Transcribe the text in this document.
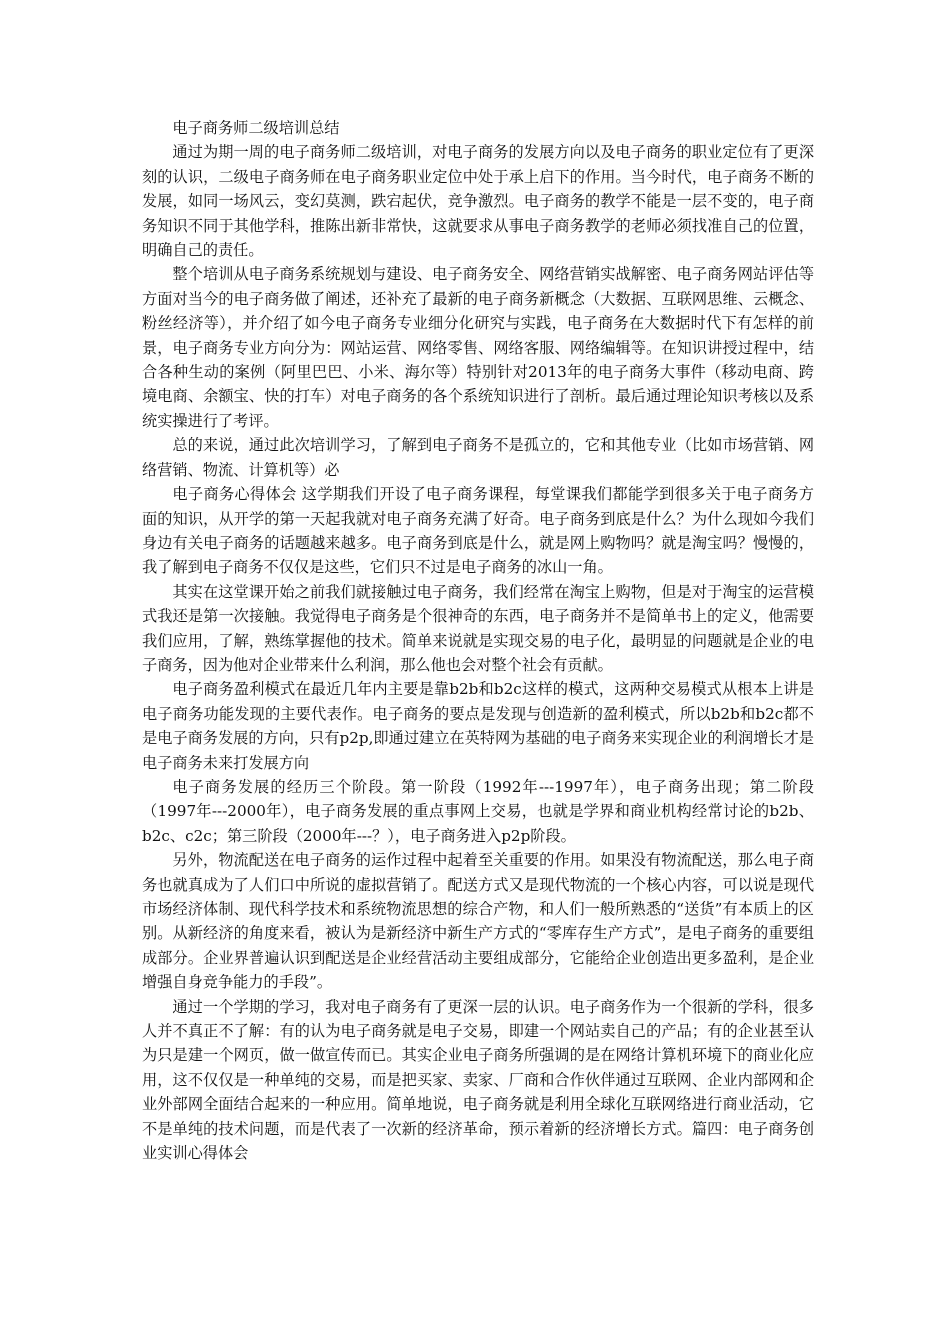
电子商务师二级培训总结

通过为期一周的电子商务师二级培训，对电子商务的发展方向以及电子商务的职业定位有了更深刻的认识，二级电子商务师在电子商务职业定位中处于承上启下的作用。当今时代，电子商务不断的发展，如同一场风云，变幻莫测，跌宕起伏，竞争激烈。电子商务的教学不能是一层不变的，电子商务知识不同于其他学科，推陈出新非常快，这就要求从事电子商务教学的老师必须找准自己的位置，明确自己的责任。

整个培训从电子商务系统规划与建设、电子商务安全、网络营销实战解密、电子商务网站评估等方面对当今的电子商务做了阐述，还补充了最新的电子商务新概念（大数据、互联网思维、云概念、粉丝经济等），并介绍了如今电子商务专业细分化研究与实践，电子商务在大数据时代下有怎样的前景，电子商务专业方向分为：网站运营、网络零售、网络客服、网络编辑等。在知识讲授过程中，结合各种生动的案例（阿里巴巴、小米、海尔等）特别针对2013年的电子商务大事件（移动电商、跨境电商、余额宝、快的打车）对电子商务的各个系统知识进行了剖析。最后通过理论知识考核以及系统实操进行了考评。

总的来说，通过此次培训学习，了解到电子商务不是孤立的，它和其他专业（比如市场营销、网络营销、物流、计算机等）必

电子商务心得体会 这学期我们开设了电子商务课程，每堂课我们都能学到很多关于电子商务方面的知识，从开学的第一天起我就对电子商务充满了好奇。电子商务到底是什么？为什么现如今我们身边有关电子商务的话题越来越多。电子商务到底是什么，就是网上购物吗？就是淘宝吗？慢慢的，我了解到电子商务不仅仅是这些，它们只不过是电子商务的冰山一角。

其实在这堂课开始之前我们就接触过电子商务，我们经常在淘宝上购物，但是对于淘宝的运营模式我还是第一次接触。我觉得电子商务是个很神奇的东西，电子商务并不是简单书上的定义，他需要我们应用，了解，熟练掌握他的技术。简单来说就是实现交易的电子化，最明显的问题就是企业的电子商务，因为他对企业带来什么利润，那么他也会对整个社会有贡献。

电子商务盈利模式在最近几年内主要是靠b2b和b2c这样的模式，这两种交易模式从根本上讲是电子商务功能发现的主要代表作。电子商务的要点是发现与创造新的盈利模式，所以b2b和b2c都不是电子商务发展的方向，只有p2p,即通过建立在英特网为基础的电子商务来实现企业的利润增长才是电子商务未来打发展方向

电子商务发展的经历三个阶段。第一阶段（1992年---1997年），电子商务出现；第二阶段（1997年---2000年），电子商务发展的重点事网上交易，也就是学界和商业机构经常讨论的b2b、b2c、c2c；第三阶段（2000年---？），电子商务进入p2p阶段。

另外，物流配送在电子商务的运作过程中起着至关重要的作用。如果没有物流配送，那么电子商务也就真成为了人们口中所说的虚拟营销了。配送方式又是现代物流的一个核心内容，可以说是现代市场经济体制、现代科学技术和系统物流思想的综合产物，和人们一般所熟悉的“送货”有本质上的区别。从新经济的角度来看，被认为是新经济中新生产方式的“零库存生产方式”，是电子商务的重要组成部分。企业界普遍认识到配送是企业经营活动主要组成部分，它能给企业创造出更多盈利，是企业增强自身竞争能力的手段”。

通过一个学期的学习，我对电子商务有了更深一层的认识。电子商务作为一个很新的学科，很多人并不真正不了解：有的认为电子商务就是电子交易，即建一个网站卖自己的产品；有的企业甚至认为只是建一个网页，做一做宣传而已。其实企业电子商务所强调的是在网络计算机环境下的商业化应用，这不仅仅是一种单纯的交易，而是把买家、卖家、厂商和合作伙伴通过互联网、企业内部网和企业外部网全面结合起来的一种应用。简单地说，电子商务就是利用全球化互联网络进行商业活动，它不是单纯的技术问题，而是代表了一次新的经济革命，预示着新的经济增长方式。篇四：电子商务创业实训心得体会
